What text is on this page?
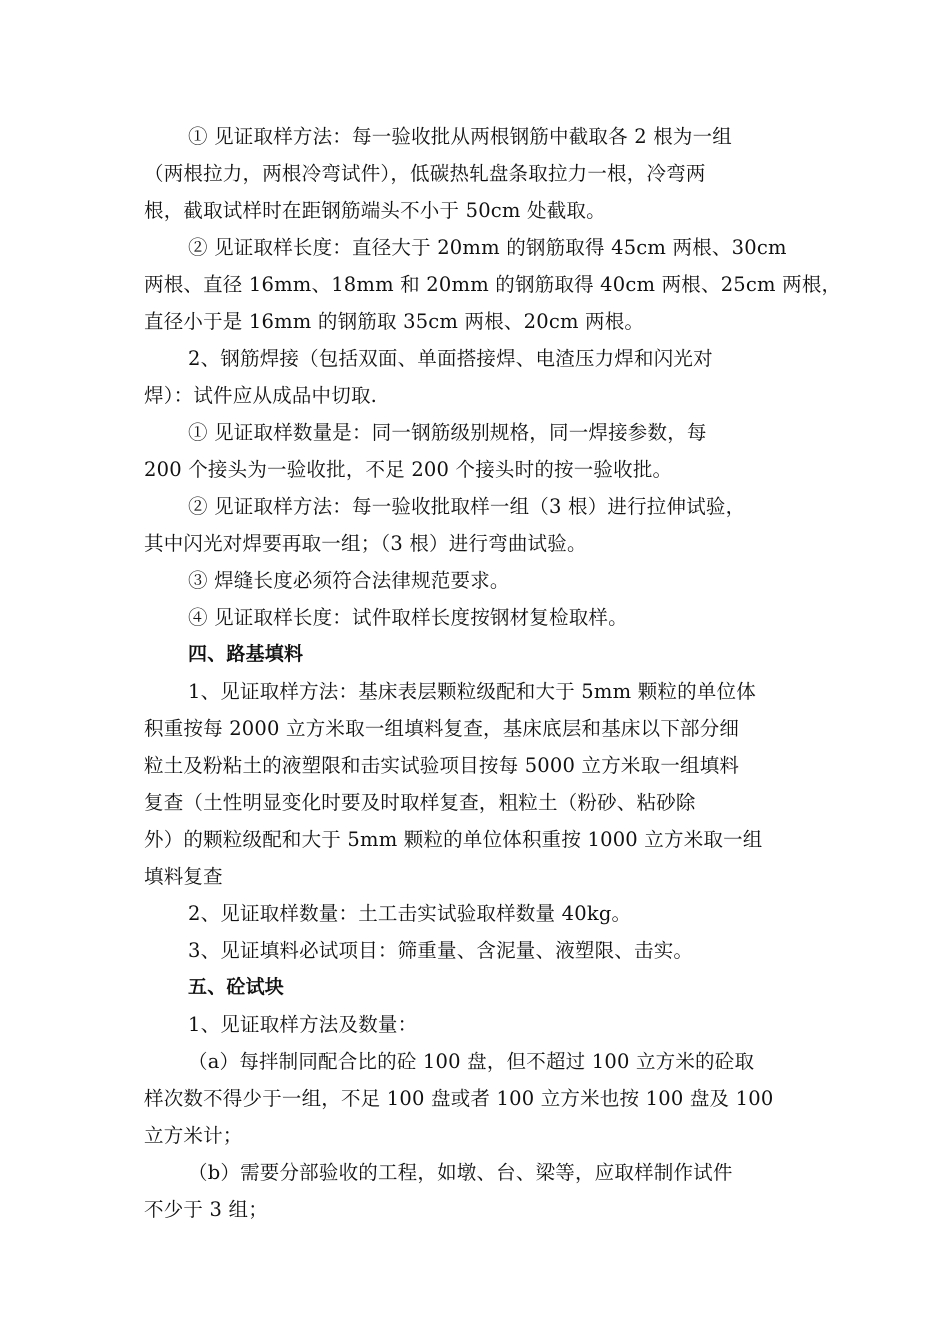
① 见证取样方法：每一验收批从两根钢筋中截取各 2 根为一组
（两根拉力，两根冷弯试件），低碳热轧盘条取拉力一根，冷弯两
根，截取试样时在距钢筋端头不小于 50cm 处截取。
② 见证取样长度：直径大于 20mm 的钢筋取得 45cm 两根、30cm
两根、直径 16mm、18mm 和 20mm 的钢筋取得 40cm 两根、25cm 两根，
直径小于是 16mm 的钢筋取 35cm 两根、20cm 两根。
2、钢筋焊接（包括双面、单面搭接焊、电渣压力焊和闪光对
焊）：试件应从成品中切取.
① 见证取样数量是：同一钢筋级别规格，同一焊接参数，每
200 个接头为一验收批，不足 200 个接头时的按一验收批。
② 见证取样方法：每一验收批取样一组（3 根）进行拉伸试验，
其中闪光对焊要再取一组；（3 根）进行弯曲试验。
③ 焊缝长度必须符合法律规范要求。
④ 见证取样长度：试件取样长度按钢材复检取样。
四、路基填料
1、见证取样方法：基床表层颗粒级配和大于 5mm 颗粒的单位体
积重按每 2000 立方米取一组填料复查，基床底层和基床以下部分细
粒土及粉粘土的液塑限和击实试验项目按每 5000 立方米取一组填料
复查（土性明显变化时要及时取样复查，粗粒土（粉砂、粘砂除
外）的颗粒级配和大于 5mm 颗粒的单位体积重按 1000 立方米取一组
填料复查
2、见证取样数量：土工击实试验取样数量 40kg。
3、见证填料必试项目：筛重量、含泥量、液塑限、击实。
五、砼试块
1、见证取样方法及数量：
（a）每拌制同配合比的砼 100 盘，但不超过 100 立方米的砼取
样次数不得少于一组，不足 100 盘或者 100 立方米也按 100 盘及 100
立方米计；
（b）需要分部验收的工程，如墩、台、梁等，应取样制作试件
不少于 3 组；
